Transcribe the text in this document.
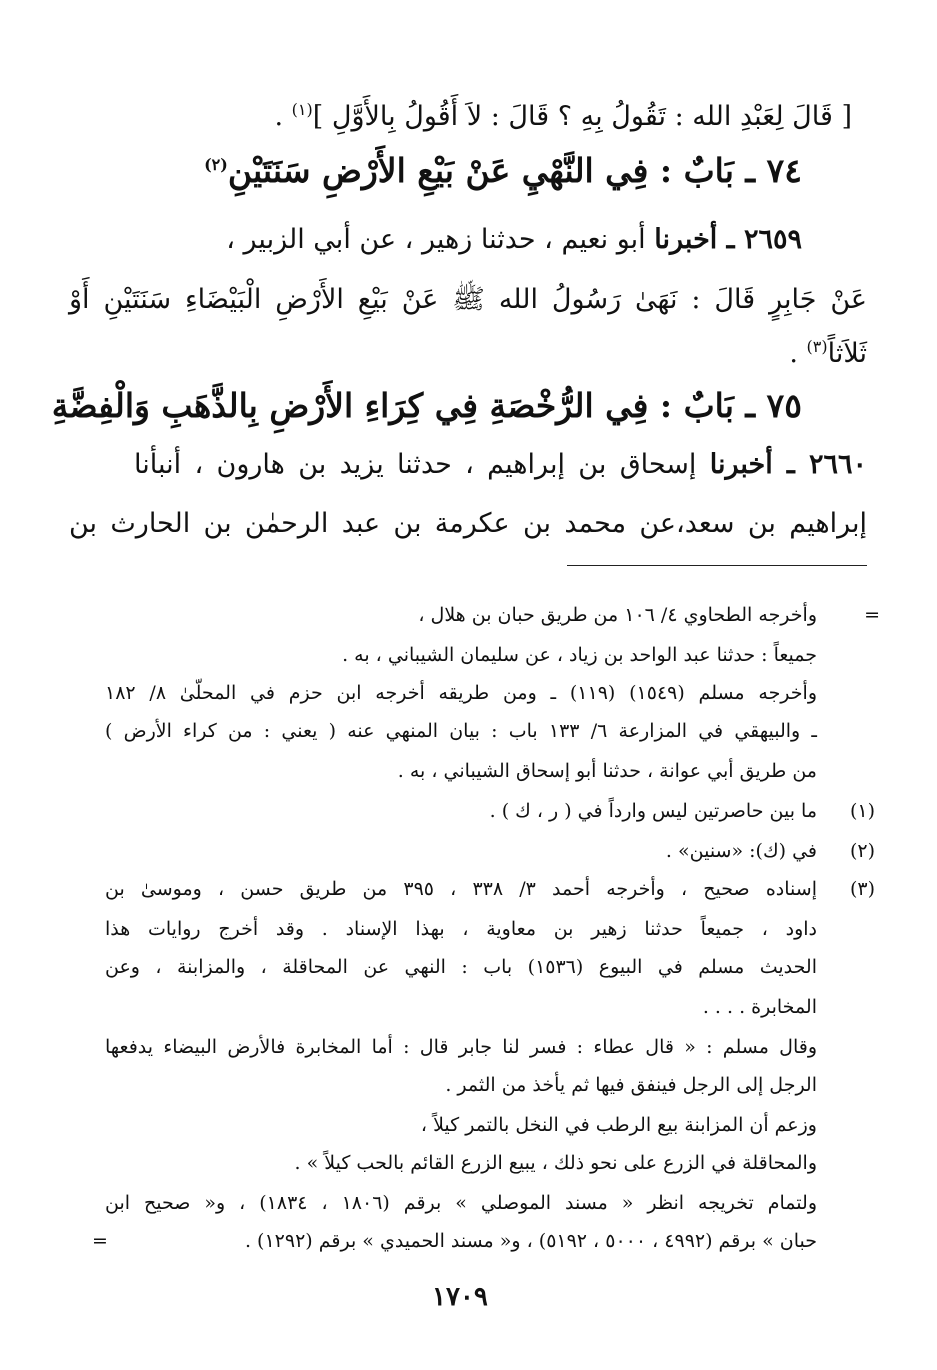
[ قَالَ لِعَبْدِ الله : تَقُولُ بِهِ ؟ قَالَ : لاَ أَقُولُ بِالأَوَّلِ ]$^{(١)}$ .
٧٤ ـ بَابٌ : فِي النَّهْيِ عَنْ بَيْعِ الأَرْضِ سَنَتَيْنِ$^{(٢)}$
٢٦٥٩ ـ أخبرنا أبو نعيم ، حدثنا زهير ، عن أبي الزبير ،
عَنْ جَابِرٍ قَالَ : نَهَىٰ رَسُولُ الله ﷺ عَنْ بَيْعِ الأَرْضِ الْبَيْضَاءِ سَنَتَيْنِ أَوْ
ثَلاَثاً$^{(٣)}$ .
٧٥ ـ بَابٌ : فِي الرُّخْصَةِ فِي كِرَاءِ الأَرْضِ بِالذَّهَبِ وَالْفِضَّةِ
٢٦٦٠ ـ أخبرنا إسحاق بن إبراهيم ، حدثنا يزيد بن هارون ، أنبأنا
إبراهيم بن سعد،عن محمد بن عكرمة بن عبد الرحمٰن بن الحارث بن
=
وأخرجه الطحاوي ٤/ ١٠٦ من طريق حبان بن هلال ،
جميعاً : حدثنا عبد الواحد بن زياد ، عن سليمان الشيباني ، به .
وأخرجه مسلم (١٥٤٩) (١١٩) ـ ومن طريقه أخرجه ابن حزم في المحلّىٰ ٨/ ١٨٢
ـ والبيهقي في المزارعة ٦/ ١٣٣ باب : بيان المنهي عنه ( يعني : من كراء الأرض )
من طريق أبي عوانة ، حدثنا أبو إسحاق الشيباني ، به .
(١)
ما بين حاصرتين ليس وارداً في ( ر ، ك ) .
(٢)
في (ك): «سنين» .
(٣)
إسناده صحيح ، وأخرجه أحمد ٣/ ٣٣٨ ، ٣٩٥ من طريق حسن ، وموسىٰ بن
داود ، جميعاً حدثنا زهير بن معاوية ، بهذا الإسناد . وقد أخرج روايات هذا
الحديث مسلم في البيوع (١٥٣٦) باب : النهي عن المحاقلة ، والمزابنة ، وعن
المخابرة . . . .
وقال مسلم : « قال عطاء : فسر لنا جابر قال : أما المخابرة فالأرض البيضاء يدفعها
الرجل إلى الرجل فينفق فيها ثم يأخذ من الثمر .
وزعم أن المزابنة بيع الرطب في النخل بالتمر كيلاً ،
والمحاقلة في الزرع على نحو ذلك ، يبيع الزرع القائم بالحب كيلاً » .
ولتمام تخريجه انظر « مسند الموصلي » برقم (١٨٠٦ ، ١٨٣٤) ، و« صحيح ابن
حبان » برقم (٤٩٩٢ ، ٥٠٠٠ ، ٥١٩٢) ، و« مسند الحميدي » برقم (١٢٩٢) .
=
١٧٠٩
